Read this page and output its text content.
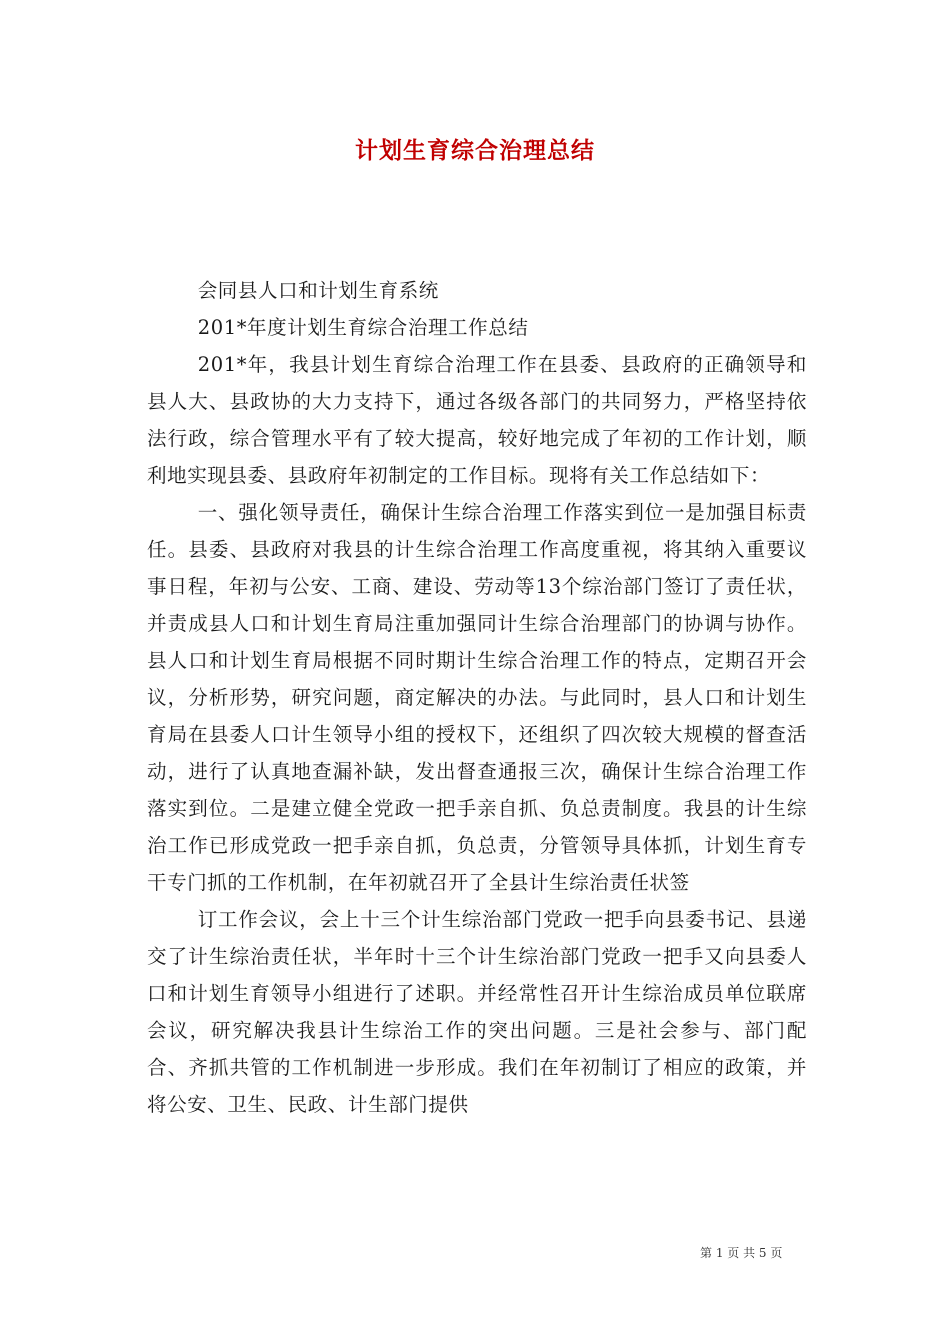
计划生育综合治理总结

会同县人口和计划生育系统

201*年度计划生育综合治理工作总结

201*年，我县计划生育综合治理工作在县委、县政府的正确领导和县人大、县政协的大力支持下，通过各级各部门的共同努力，严格坚持依法行政，综合管理水平有了较大提高，较好地完成了年初的工作计划，顺利地实现县委、县政府年初制定的工作目标。现将有关工作总结如下：

一、强化领导责任，确保计生综合治理工作落实到位一是加强目标责任。县委、县政府对我县的计生综合治理工作高度重视，将其纳入重要议事日程，年初与公安、工商、建设、劳动等13个综治部门签订了责任状，并责成县人口和计划生育局注重加强同计生综合治理部门的协调与协作。县人口和计划生育局根据不同时期计生综合治理工作的特点，定期召开会议，分析形势，研究问题，商定解决的办法。与此同时，县人口和计划生育局在县委人口计生领导小组的授权下，还组织了四次较大规模的督查活动，进行了认真地查漏补缺，发出督查通报三次，确保计生综合治理工作落实到位。二是建立健全党政一把手亲自抓、负总责制度。我县的计生综治工作已形成党政一把手亲自抓，负总责，分管领导具体抓，计划生育专干专门抓的工作机制，在年初就召开了全县计生综治责任状签

订工作会议，会上十三个计生综治部门党政一把手向县委书记、县递交了计生综治责任状，半年时十三个计生综治部门党政一把手又向县委人口和计划生育领导小组进行了述职。并经常性召开计生综治成员单位联席会议，研究解决我县计生综治工作的突出问题。三是社会参与、部门配合、齐抓共管的工作机制进一步形成。我们在年初制订了相应的政策，并将公安、卫生、民政、计生部门提供

第 1 页 共 5 页
